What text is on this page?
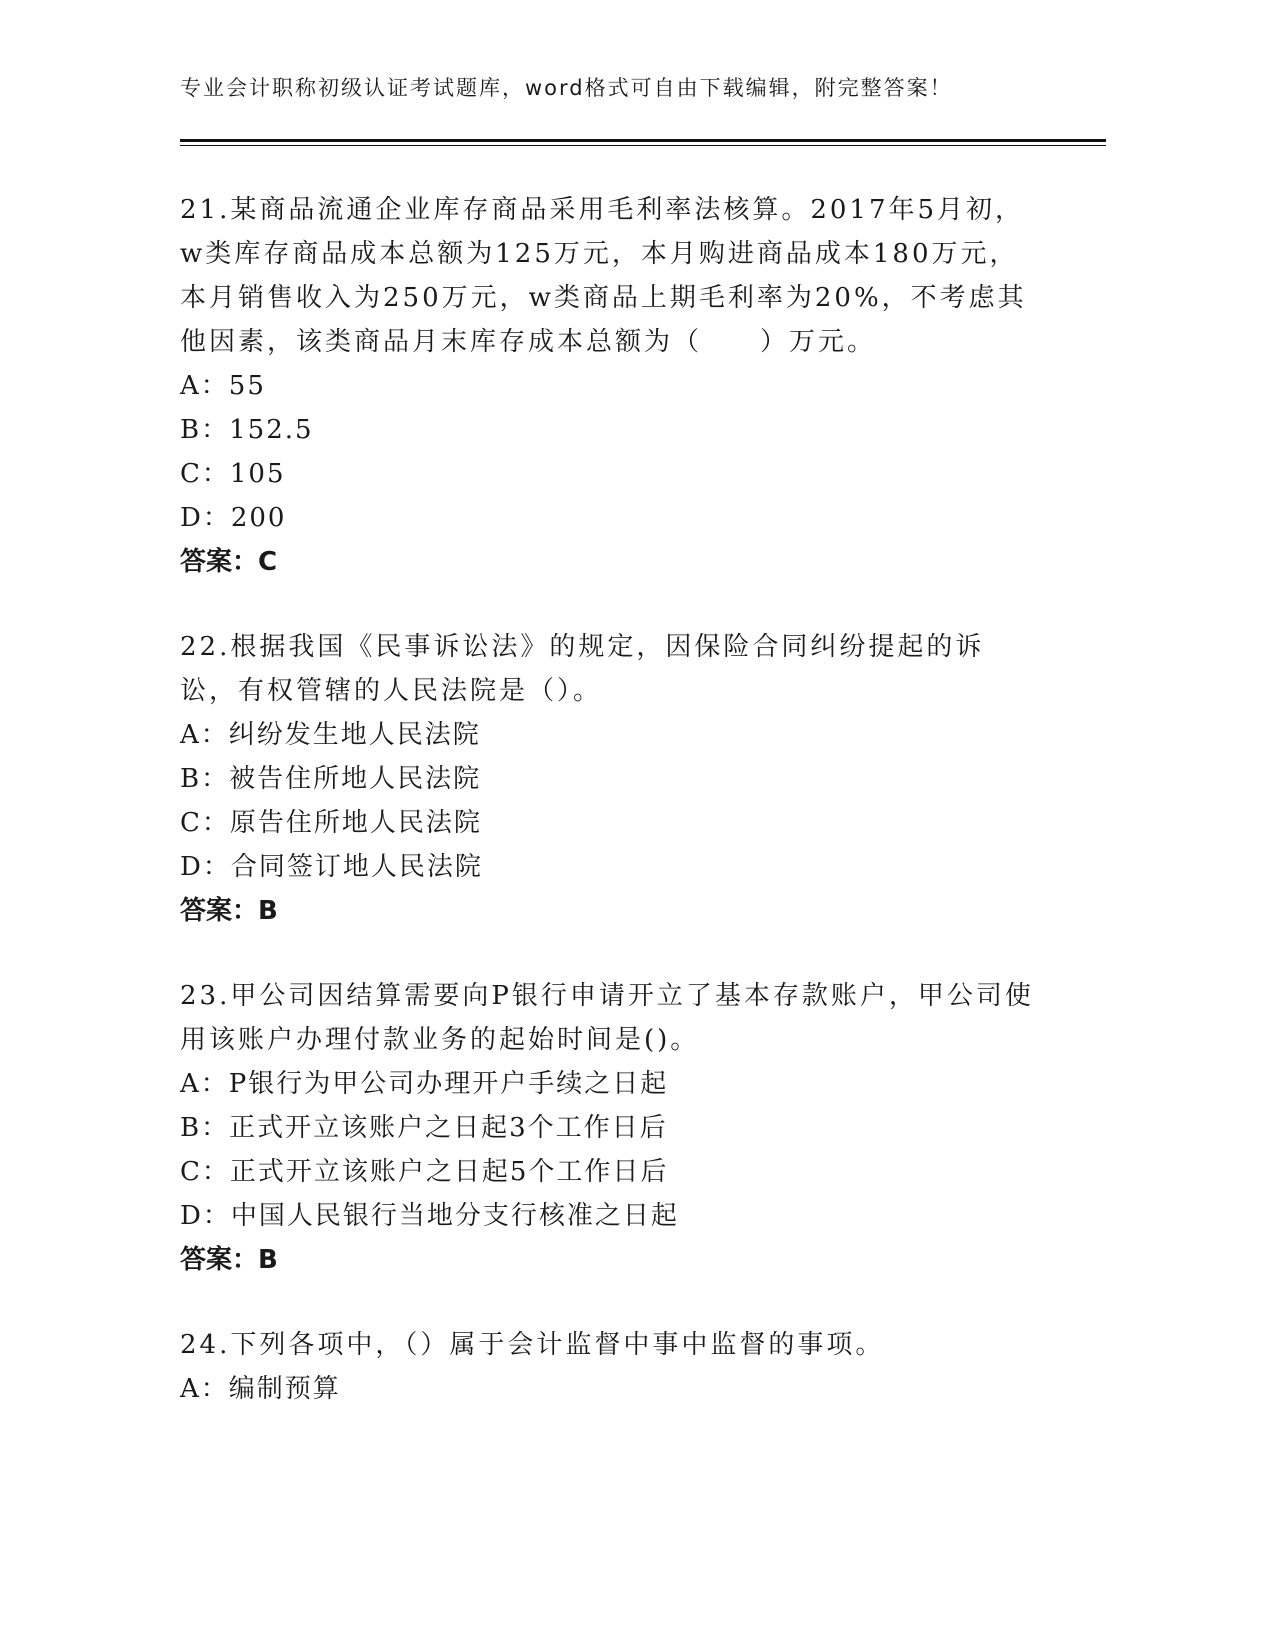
专业会计职称初级认证考试题库，word格式可自由下载编辑，附完整答案！

21.某商品流通企业库存商品采用毛利率法核算。2017年5月初，w类库存商品成本总额为125万元，本月购进商品成本180万元，本月销售收入为250万元，w类商品上期毛利率为20%，不考虑其他因素，该类商品月末库存成本总额为（　　）万元。

A：55

B：152.5

C：105

D：200

答案：C

22.根据我国《民事诉讼法》的规定，因保险合同纠纷提起的诉讼，有权管辖的人民法院是（）。

A：纠纷发生地人民法院

B：被告住所地人民法院

C：原告住所地人民法院

D：合同签订地人民法院

答案：B

23.甲公司因结算需要向P银行申请开立了基本存款账户，甲公司使用该账户办理付款业务的起始时间是()。

A：P银行为甲公司办理开户手续之日起

B：正式开立该账户之日起3个工作日后

C：正式开立该账户之日起5个工作日后

D：中国人民银行当地分支行核准之日起

答案：B

24.下列各项中，（）属于会计监督中事中监督的事项。

A：编制预算
